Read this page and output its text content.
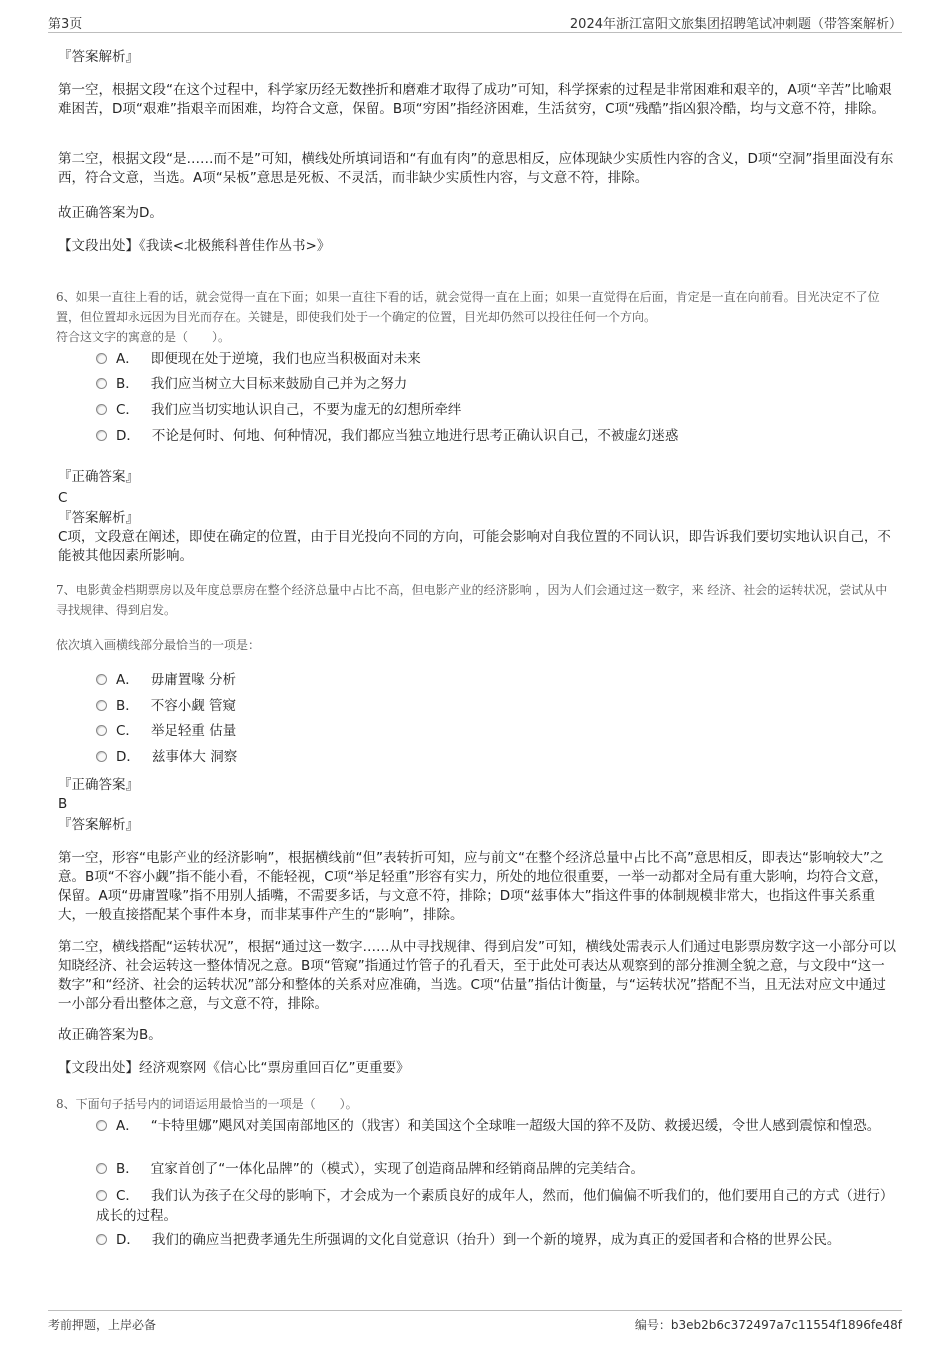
第3页	2024年浙江富阳文旅集团招聘笔试冲刺题（带答案解析）
『答案解析』
第一空，根据文段“在这个过程中，科学家历经无数挫折和磨难才取得了成功”可知，科学探索的过程是非常困难和艰辛的，A项“辛苦”比喻艰难困苦，D项“艰难”指艰辛而困难，均符合文意，保留。B项“穷困”指经济困难，生活贫穷，C项“残酷”指凶狠冷酷，均与文意不符，排除。
第二空，根据文段“是……而不是”可知，横线处所填词语和“有血有肉”的意思相反，应体现缺少实质性内容的含义，D项“空洞”指里面没有东西，符合文意，当选。A项“呆板”意思是死板、不灵活，而非缺少实质性内容，与文意不符，排除。
故正确答案为D。
【文段出处】《我读<北极熊科普佳作丛书>》
6、如果一直往上看的话，就会觉得一直在下面；如果一直往下看的话，就会觉得一直在上面；如果一直觉得在后面，肯定是一直在向前看。目光决定不了位置，但位置却永远因为目光而存在。关键是，即使我们处于一个确定的位置，目光却仍然可以投往任何一个方向。
符合这文字的寓意的是（　　）。
A． 即便现在处于逆境，我们也应当积极面对未来
B． 我们应当树立大目标来鼓励自己并为之努力
C． 我们应当切实地认识自己，不要为虚无的幻想所牵绊
D． 不论是何时、何地、何种情况，我们都应当独立地进行思考正确认识自己，不被虚幻迷惑
『正确答案』
C
『答案解析』
C项，文段意在阐述，即使在确定的位置，由于目光投向不同的方向，可能会影响对自我位置的不同认识，即告诉我们要切实地认识自己，不能被其他因素所影响。
7、电影黄金档期票房以及年度总票房在整个经济总量中占比不高，但电影产业的经济影响 ，因为人们会通过这一数字，来 经济、社会的运转状况，尝试从中寻找规律、得到启发。
依次填入画横线部分最恰当的一项是：
A． 毋庸置喙 分析
B． 不容小觑 管窥
C． 举足轻重 估量
D． 兹事体大 洞察
『正确答案』
B
『答案解析』
第一空，形容“电影产业的经济影响”，根据横线前“但”表转折可知，应与前文“在整个经济总量中占比不高”意思相反，即表达“影响较大”之意。B项“不容小觑”指不能小看，不能轻视，C项“举足轻重”形容有实力，所处的地位很重要，一举一动都对全局有重大影响，均符合文意，保留。A项“毋庸置喙”指不用别人插嘴，不需要多话，与文意不符，排除；D项“兹事体大”指这件事的体制规模非常大，也指这件事关系重大，一般直接搭配某个事件本身，而非某事件产生的“影响”，排除。
第二空，横线搭配“运转状况”，根据“通过这一数字……从中寻找规律、得到启发”可知，横线处需表示人们通过电影票房数字这一小部分可以知晓经济、社会运转这一整体情况之意。B项“管窥”指通过竹管子的孔看天，至于此处可表达从观察到的部分推测全貌之意，与文段中“这一数字”和“经济、社会的运转状况”部分和整体的关系对应准确，当选。C项“估量”指估计衡量，与“运转状况”搭配不当，且无法对应文中通过一小部分看出整体之意，与文意不符，排除。
故正确答案为B。
【文段出处】经济观察网《信心比“票房重回百亿”更重要》
8、下面句子括号内的词语运用最恰当的一项是（　　）。
A． “卡特里娜”飓风对美国南部地区的（戕害）和美国这个全球唯一超级大国的猝不及防、救援迟缓，令世人感到震惊和惶恐。
B． 宜家首创了“一体化品牌”的（模式），实现了创造商品牌和经销商品牌的完美结合。
C． 我们认为孩子在父母的影响下，才会成为一个素质良好的成年人，然而，他们偏偏不听我们的，他们要用自己的方式（进行）成长的过程。
D． 我们的确应当把费孝通先生所强调的文化自觉意识（抬升）到一个新的境界，成为真正的爱国者和合格的世界公民。
考前押题，上岸必备	编号：b3eb2b6c372497a7c11554f1896fe48f
